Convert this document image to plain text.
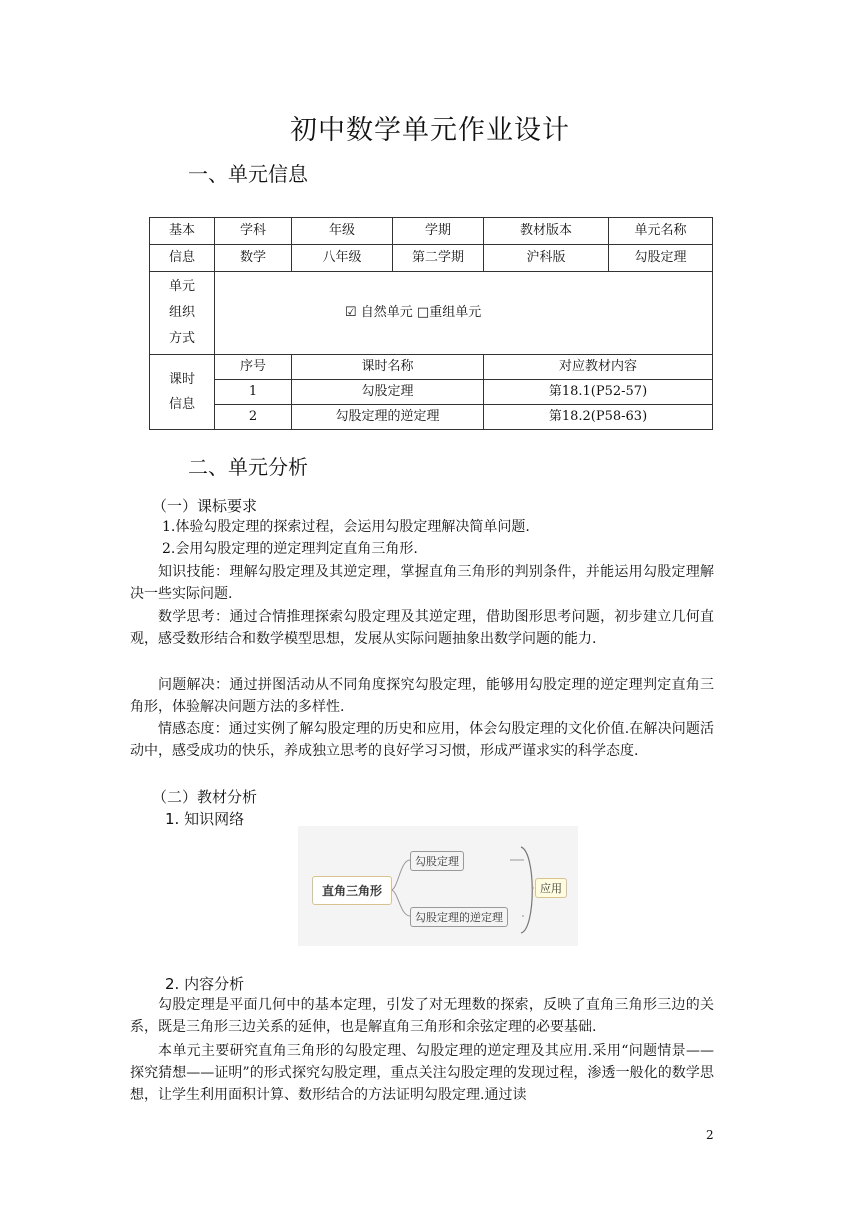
初中数学单元作业设计
一、单元信息
基本	学科	年级	学期	教材版本	单元名称
信息	数学	八年级	第二学期	沪科版	勾股定理

单元
组织
方式	☑ 自然单元 □重组单元				

课时
信息	序号	课时名称		对应教材内容	
	1	勾股定理		第18.1(P52-57)	
	2	勾股定理的逆定理		第18.2(P58-63)	
二、单元分析
（一）课标要求
1.体验勾股定理的探索过程，会运用勾股定理解决简单问题.
2.会用勾股定理的逆定理判定直角三角形.
知识技能：理解勾股定理及其逆定理，掌握直角三角形的判别条件，并能运用勾股定理解决一些实际问题.
数学思考：通过合情推理探索勾股定理及其逆定理，借助图形思考问题，初步建立几何直观，感受数形结合和数学模型思想，发展从实际问题抽象出数学问题的能力.
问题解决：通过拼图活动从不同角度探究勾股定理，能够用勾股定理的逆定理判定直角三角形，体验解决问题方法的多样性.
情感态度：通过实例了解勾股定理的历史和应用，体会勾股定理的文化价值.在解决问题活动中，感受成功的快乐，养成独立思考的良好学习习惯，形成严谨求实的科学态度.
（二）教材分析
1. 知识网络
直角三角形
勾股定理
勾股定理的逆定理
应用
2. 内容分析
勾股定理是平面几何中的基本定理，引发了对无理数的探索，反映了直角三角形三边的关系，既是三角形三边关系的延伸，也是解直角三角形和余弦定理的必要基础.
本单元主要研究直角三角形的勾股定理、勾股定理的逆定理及其应用.采用“问题情景——探究猜想——证明”的形式探究勾股定理，重点关注勾股定理的发现过程，渗透一般化的数学思想，让学生利用面积计算、数形结合的方法证明勾股定理.通过读
2
